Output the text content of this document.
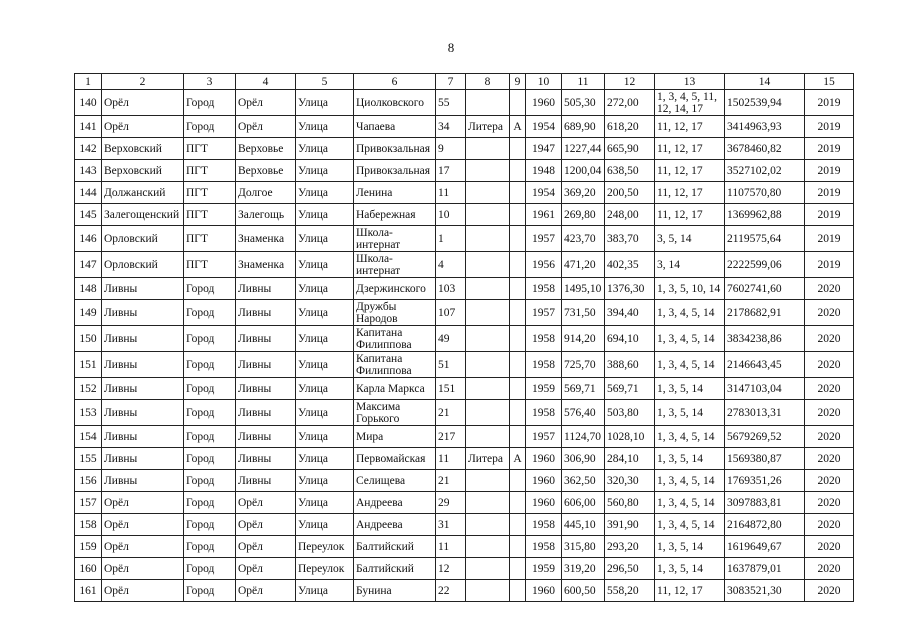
8
1	2	3	4	5	6	7	8	9	10	11	12	13	14	15
140	Орёл	Город	Орёл	Улица	Циолковского	55			1960	505,30	272,00	1, 3, 4, 5, 11, 12, 14, 17	1502539,94	2019
141	Орёл	Город	Орёл	Улица	Чапаева	34	Литера	А	1954	689,90	618,20	11, 12, 17	3414963,93	2019
142	Верховский	ПГТ	Верховье	Улица	Привокзальная	9			1947	1227,44	665,90	11, 12, 17	3678460,82	2019
143	Верховский	ПГТ	Верховье	Улица	Привокзальная	17			1948	1200,04	638,50	11, 12, 17	3527102,02	2019
144	Должанский	ПГТ	Долгое	Улица	Ленина	11			1954	369,20	200,50	11, 12, 17	1107570,80	2019
145	Залегощенский	ПГТ	Залегощь	Улица	Набережная	10			1961	269,80	248,00	11, 12, 17	1369962,88	2019
146	Орловский	ПГТ	Знаменка	Улица	Школа-интернат	1			1957	423,70	383,70	3, 5, 14	2119575,64	2019
147	Орловский	ПГТ	Знаменка	Улица	Школа-интернат	4			1956	471,20	402,35	3, 14	2222599,06	2019
148	Ливны	Город	Ливны	Улица	Дзержинского	103			1958	1495,10	1376,30	1, 3, 5, 10, 14	7602741,60	2020
149	Ливны	Город	Ливны	Улица	Дружбы Народов	107			1957	731,50	394,40	1, 3, 4, 5, 14	2178682,91	2020
150	Ливны	Город	Ливны	Улица	Капитана Филиппова	49			1958	914,20	694,10	1, 3, 4, 5, 14	3834238,86	2020
151	Ливны	Город	Ливны	Улица	Капитана Филиппова	51			1958	725,70	388,60	1, 3, 4, 5, 14	2146643,45	2020
152	Ливны	Город	Ливны	Улица	Карла Маркса	151			1959	569,71	569,71	1, 3, 5, 14	3147103,04	2020
153	Ливны	Город	Ливны	Улица	Максима Горького	21			1958	576,40	503,80	1, 3, 5, 14	2783013,31	2020
154	Ливны	Город	Ливны	Улица	Мира	217			1957	1124,70	1028,10	1, 3, 4, 5, 14	5679269,52	2020
155	Ливны	Город	Ливны	Улица	Первомайская	11	Литера	А	1960	306,90	284,10	1, 3, 5, 14	1569380,87	2020
156	Ливны	Город	Ливны	Улица	Селищева	21			1960	362,50	320,30	1, 3, 4, 5, 14	1769351,26	2020
157	Орёл	Город	Орёл	Улица	Андреева	29			1960	606,00	560,80	1, 3, 4, 5, 14	3097883,81	2020
158	Орёл	Город	Орёл	Улица	Андреева	31			1958	445,10	391,90	1, 3, 4, 5, 14	2164872,80	2020
159	Орёл	Город	Орёл	Переулок	Балтийский	11			1958	315,80	293,20	1, 3, 5, 14	1619649,67	2020
160	Орёл	Город	Орёл	Переулок	Балтийский	12			1959	319,20	296,50	1, 3, 5, 14	1637879,01	2020
161	Орёл	Город	Орёл	Улица	Бунина	22			1960	600,50	558,20	11, 12, 17	3083521,30	2020
